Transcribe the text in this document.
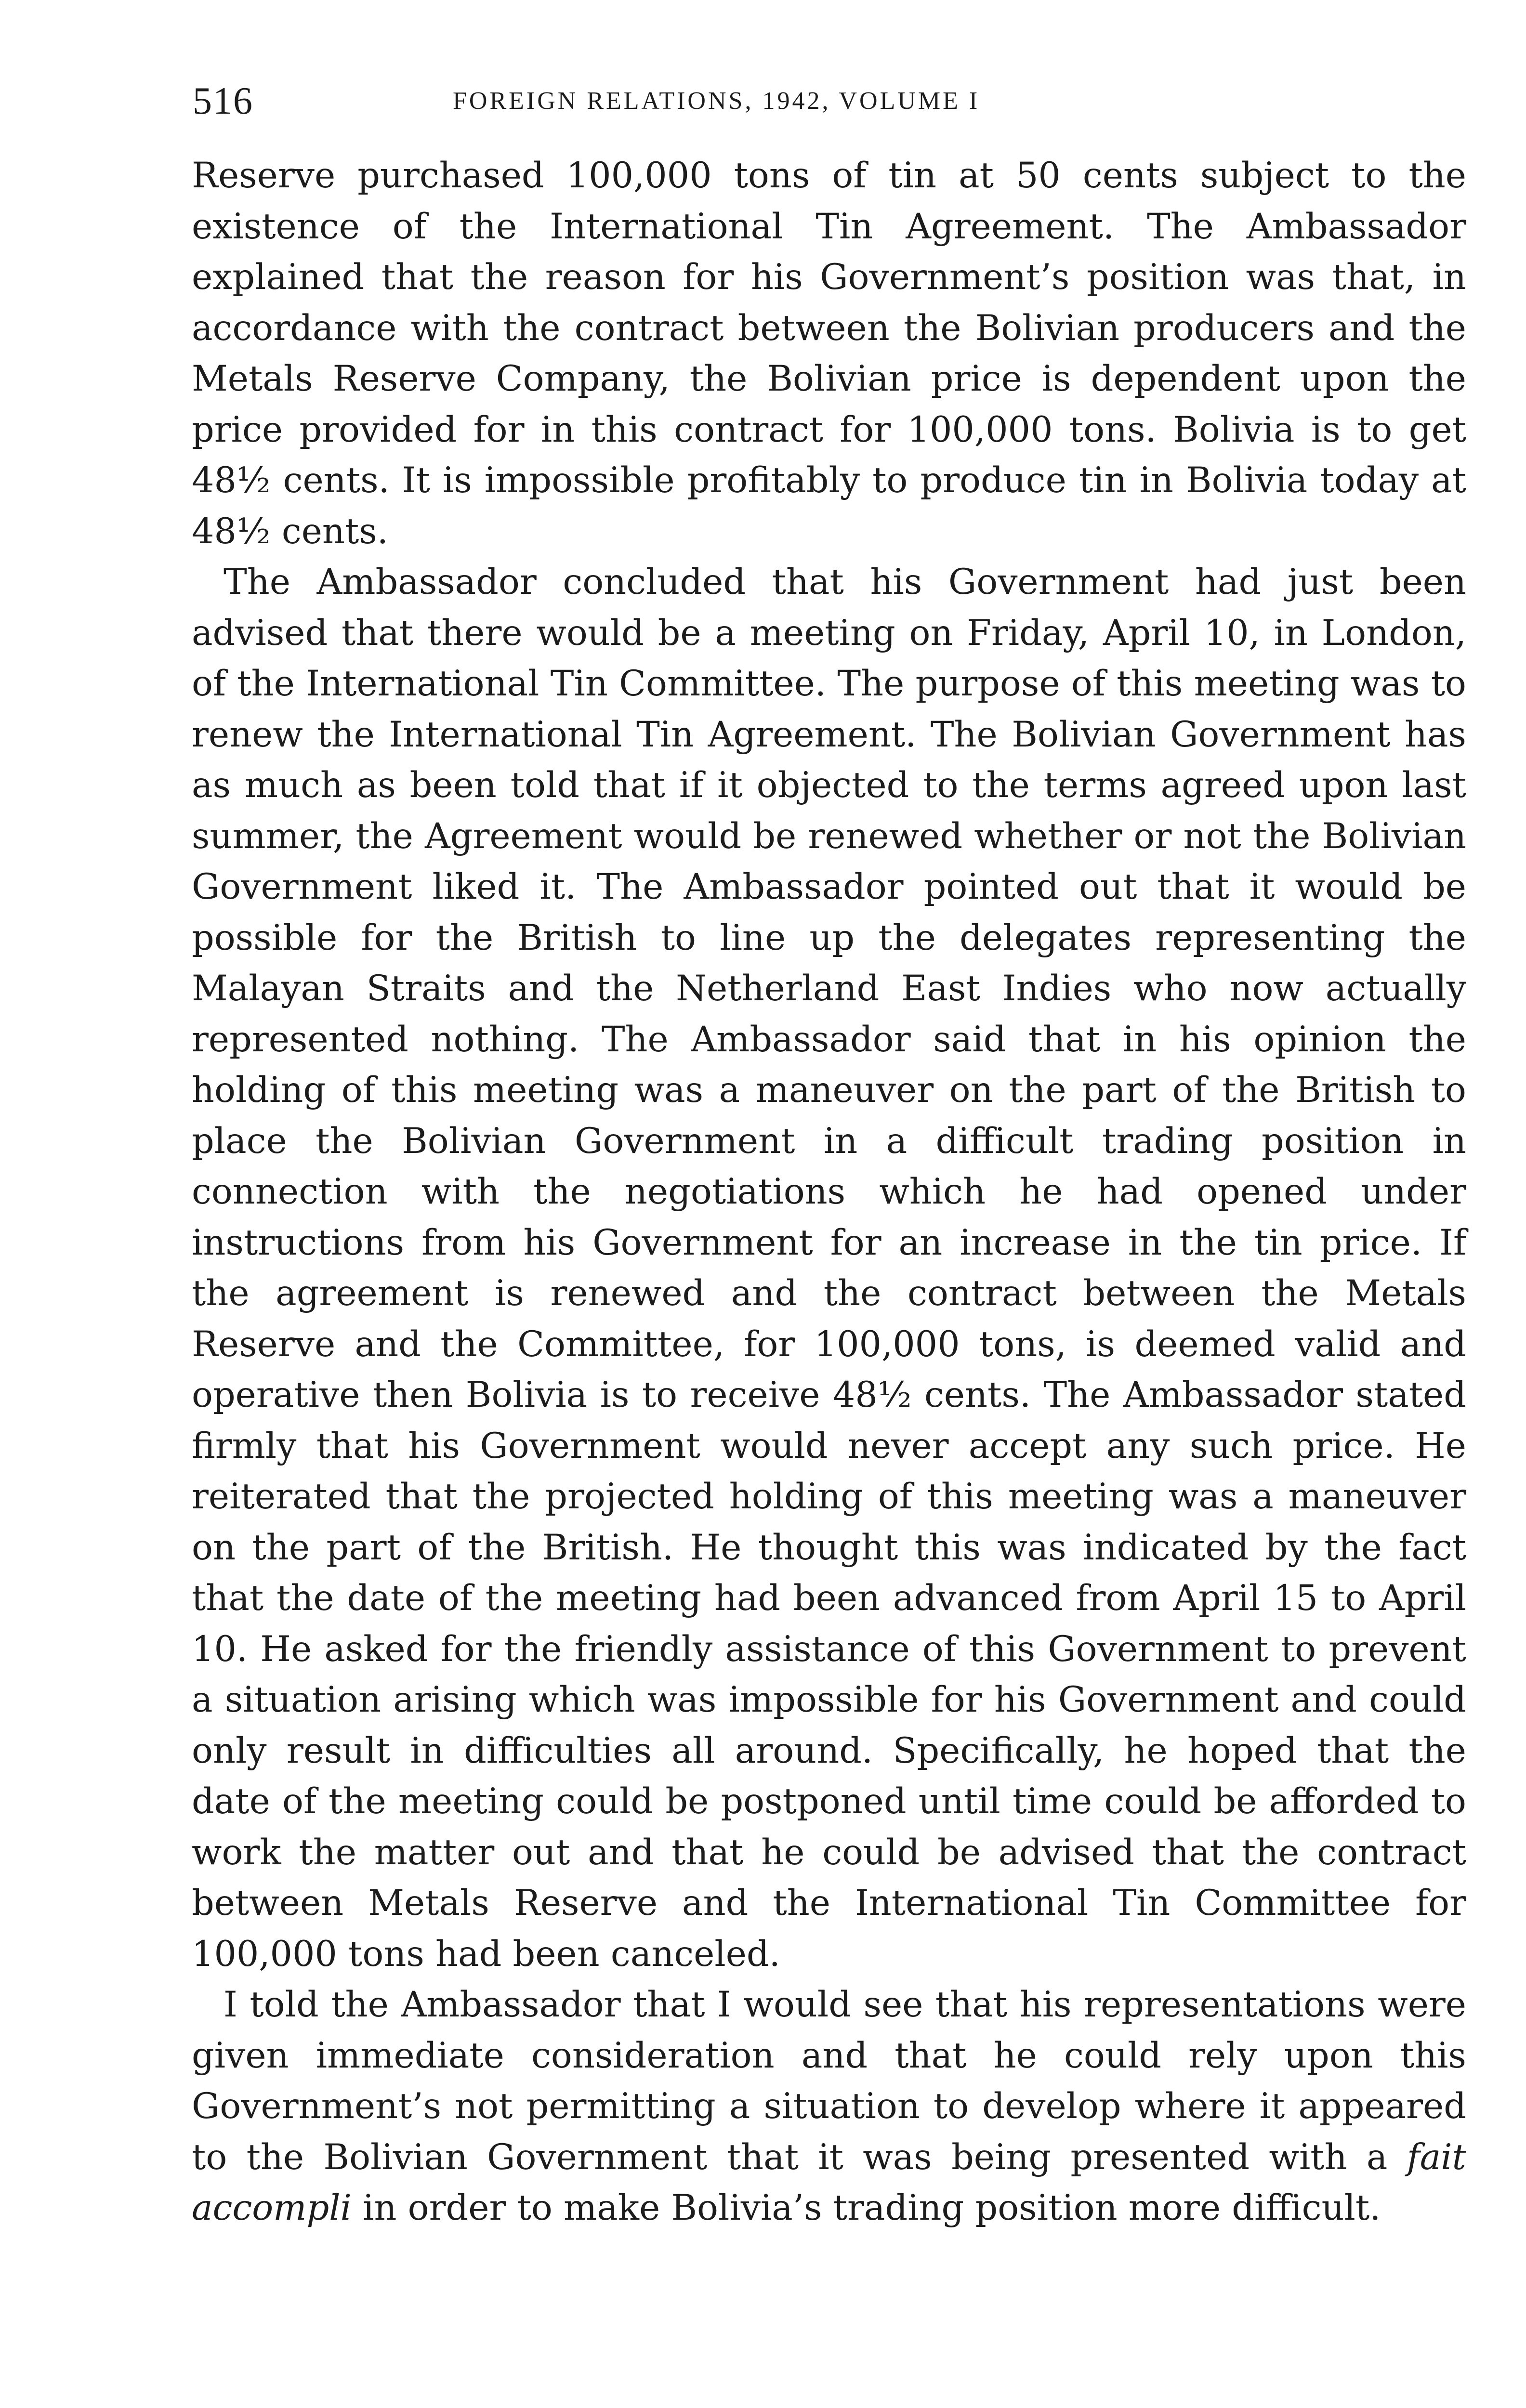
516	FOREIGN RELATIONS, 1942, VOLUME I

Reserve purchased 100,000 tons of tin at 50 cents subject to the existence of the International Tin Agreement. The Ambassador explained that the reason for his Government’s position was that, in accordance with the contract between the Bolivian producers and the Metals Reserve Company, the Bolivian price is dependent upon the price provided for in this contract for 100,000 tons. Bolivia is to get 48½ cents. It is impossible profitably to produce tin in Bolivia today at 48½ cents.

The Ambassador concluded that his Government had just been advised that there would be a meeting on Friday, April 10, in London, of the International Tin Committee. The purpose of this meeting was to renew the International Tin Agreement. The Bolivian Government has as much as been told that if it objected to the terms agreed upon last summer, the Agreement would be renewed whether or not the Bolivian Government liked it. The Ambassador pointed out that it would be possible for the British to line up the delegates representing the Malayan Straits and the Netherland East Indies who now actually represented nothing. The Ambassador said that in his opinion the holding of this meeting was a maneuver on the part of the British to place the Bolivian Government in a difficult trading position in connection with the negotiations which he had opened under instructions from his Government for an increase in the tin price. If the agreement is renewed and the contract between the Metals Reserve and the Committee, for 100,000 tons, is deemed valid and operative then Bolivia is to receive 48½ cents. The Ambassador stated firmly that his Government would never accept any such price. He reiterated that the projected holding of this meeting was a maneuver on the part of the British. He thought this was indicated by the fact that the date of the meeting had been advanced from April 15 to April 10. He asked for the friendly assistance of this Government to prevent a situation arising which was impossible for his Government and could only result in difficulties all around. Specifically, he hoped that the date of the meeting could be postponed until time could be afforded to work the matter out and that he could be advised that the contract between Metals Reserve and the International Tin Committee for 100,000 tons had been canceled.

I told the Ambassador that I would see that his representations were given immediate consideration and that he could rely upon this Government’s not permitting a situation to develop where it appeared to the Bolivian Government that it was being presented with a fait accompli in order to make Bolivia’s trading position more difficult.
